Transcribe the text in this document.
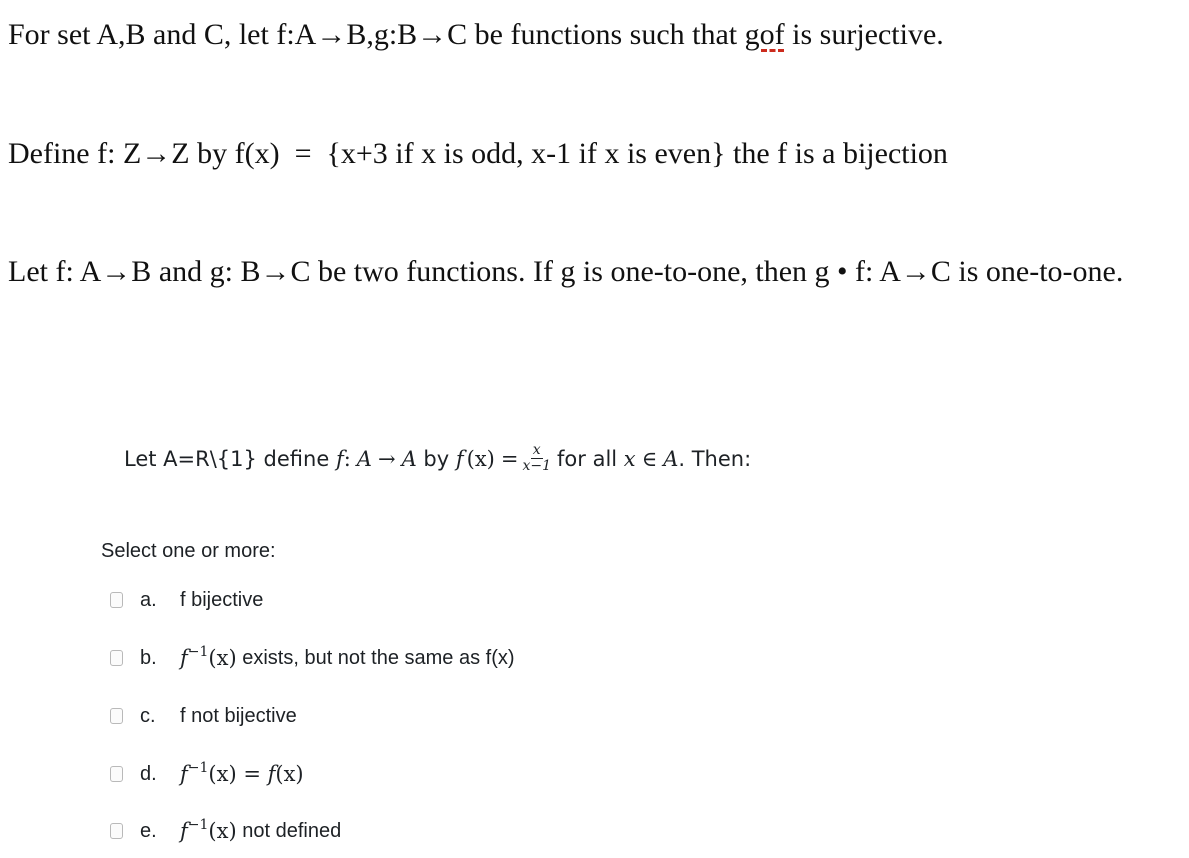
For set A,B and C, let f:A→B,g:B→C be functions such that gof is surjective.

Define f: Z→Z by f(x)  =  {x+3 if x is odd, x-1 if x is even} the f is a bijection

Let f: A→B and g: B→C be two functions. If g is one-to-one, then g • f: A→C is one-to-one.

Let A=R\{1} define f : A → A by f $(x) = \frac{x}{x-1}$ for all x ∈ A . Then:
Select one or more:
a.	f bijective
b.	$f^{-1}(x)$ exists, but not the same as f(x)
c.	f not bijective
d.	$f^{-1}(x) = f(x)$
e.	$f^{-1}(x)$ not defined
